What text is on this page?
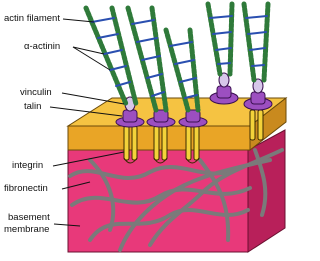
actin filament
α-actinin
vinculin
talin
integrin
fibronectin
basement
membrane
